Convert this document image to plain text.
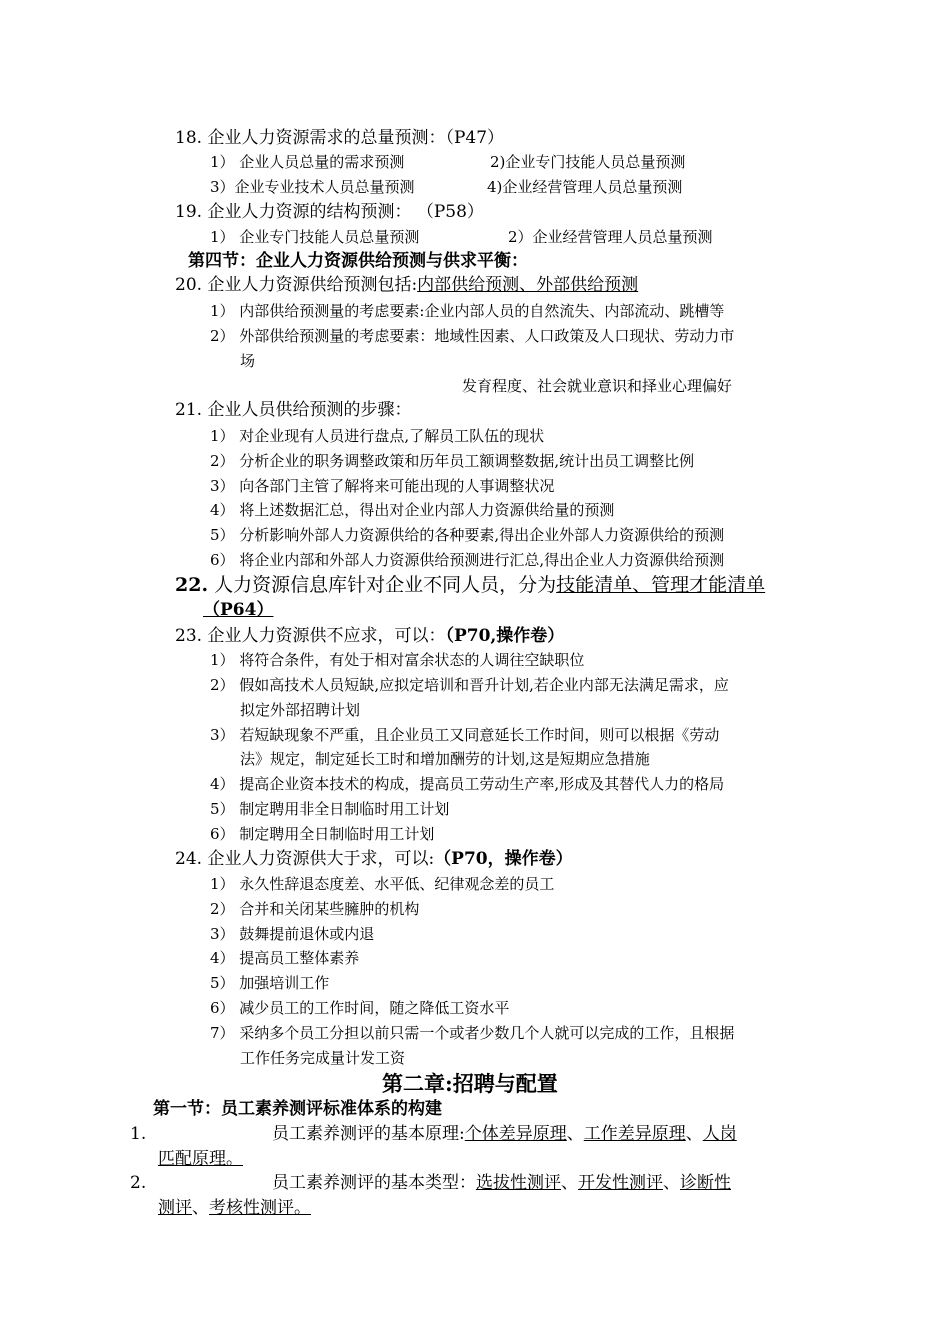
18. 企业人力资源需求的总量预测：（P47）
1） 企业人员总量的需求预测	2)企业专门技能人员总量预测
3）企业专业技术人员总量预测	4)企业经营管理人员总量预测
19. 企业人力资源的结构预测： （P58）
1） 企业专门技能人员总量预测	2）企业经营管理人员总量预测
第四节：企业人力资源供给预测与供求平衡：
20. 企业人力资源供给预测包括:内部供给预测、外部供给预测
1） 内部供给预测量的考虑要素:企业内部人员的自然流失、内部流动、跳槽等
2） 外部供给预测量的考虑要素：地域性因素、人口政策及人口现状、劳动力市
场
发育程度、社会就业意识和择业心理偏好
21. 企业人员供给预测的步骤：
1） 对企业现有人员进行盘点,了解员工队伍的现状
2） 分析企业的职务调整政策和历年员工额调整数据,统计出员工调整比例
3） 向各部门主管了解将来可能出现的人事调整状况
4） 将上述数据汇总，得出对企业内部人力资源供给量的预测
5） 分析影响外部人力资源供给的各种要素,得出企业外部人力资源供给的预测
6） 将企业内部和外部人力资源供给预测进行汇总,得出企业人力资源供给预测
22. 人力资源信息库针对企业不同人员，分为技能清单、管理才能清单
（P64）
23. 企业人力资源供不应求，可以：（P70,操作卷）
1） 将符合条件，有处于相对富余状态的人调往空缺职位
2） 假如高技术人员短缺,应拟定培训和晋升计划,若企业内部无法满足需求，应
拟定外部招聘计划
3） 若短缺现象不严重，且企业员工又同意延长工作时间，则可以根据《劳动
法》规定，制定延长工时和增加酬劳的计划,这是短期应急措施
4） 提高企业资本技术的构成，提高员工劳动生产率,形成及其替代人力的格局
5） 制定聘用非全日制临时用工计划
6） 制定聘用全日制临时用工计划
24. 企业人力资源供大于求，可以:（P70，操作卷）
1） 永久性辞退态度差、水平低、纪律观念差的员工
2） 合并和关闭某些臃肿的机构
3） 鼓舞提前退休或内退
4） 提高员工整体素养
5） 加强培训工作
6） 减少员工的工作时间，随之降低工资水平
7） 采纳多个员工分担以前只需一个或者少数几个人就可以完成的工作，且根据
工作任务完成量计发工资
第二章:招聘与配置
第一节：员工素养测评标准体系的构建
1.	员工素养测评的基本原理:个体差异原理、工作差异原理、人岗
匹配原理。
2.	员工素养测评的基本类型：选拔性测评、开发性测评、诊断性
测评、考核性测评。
